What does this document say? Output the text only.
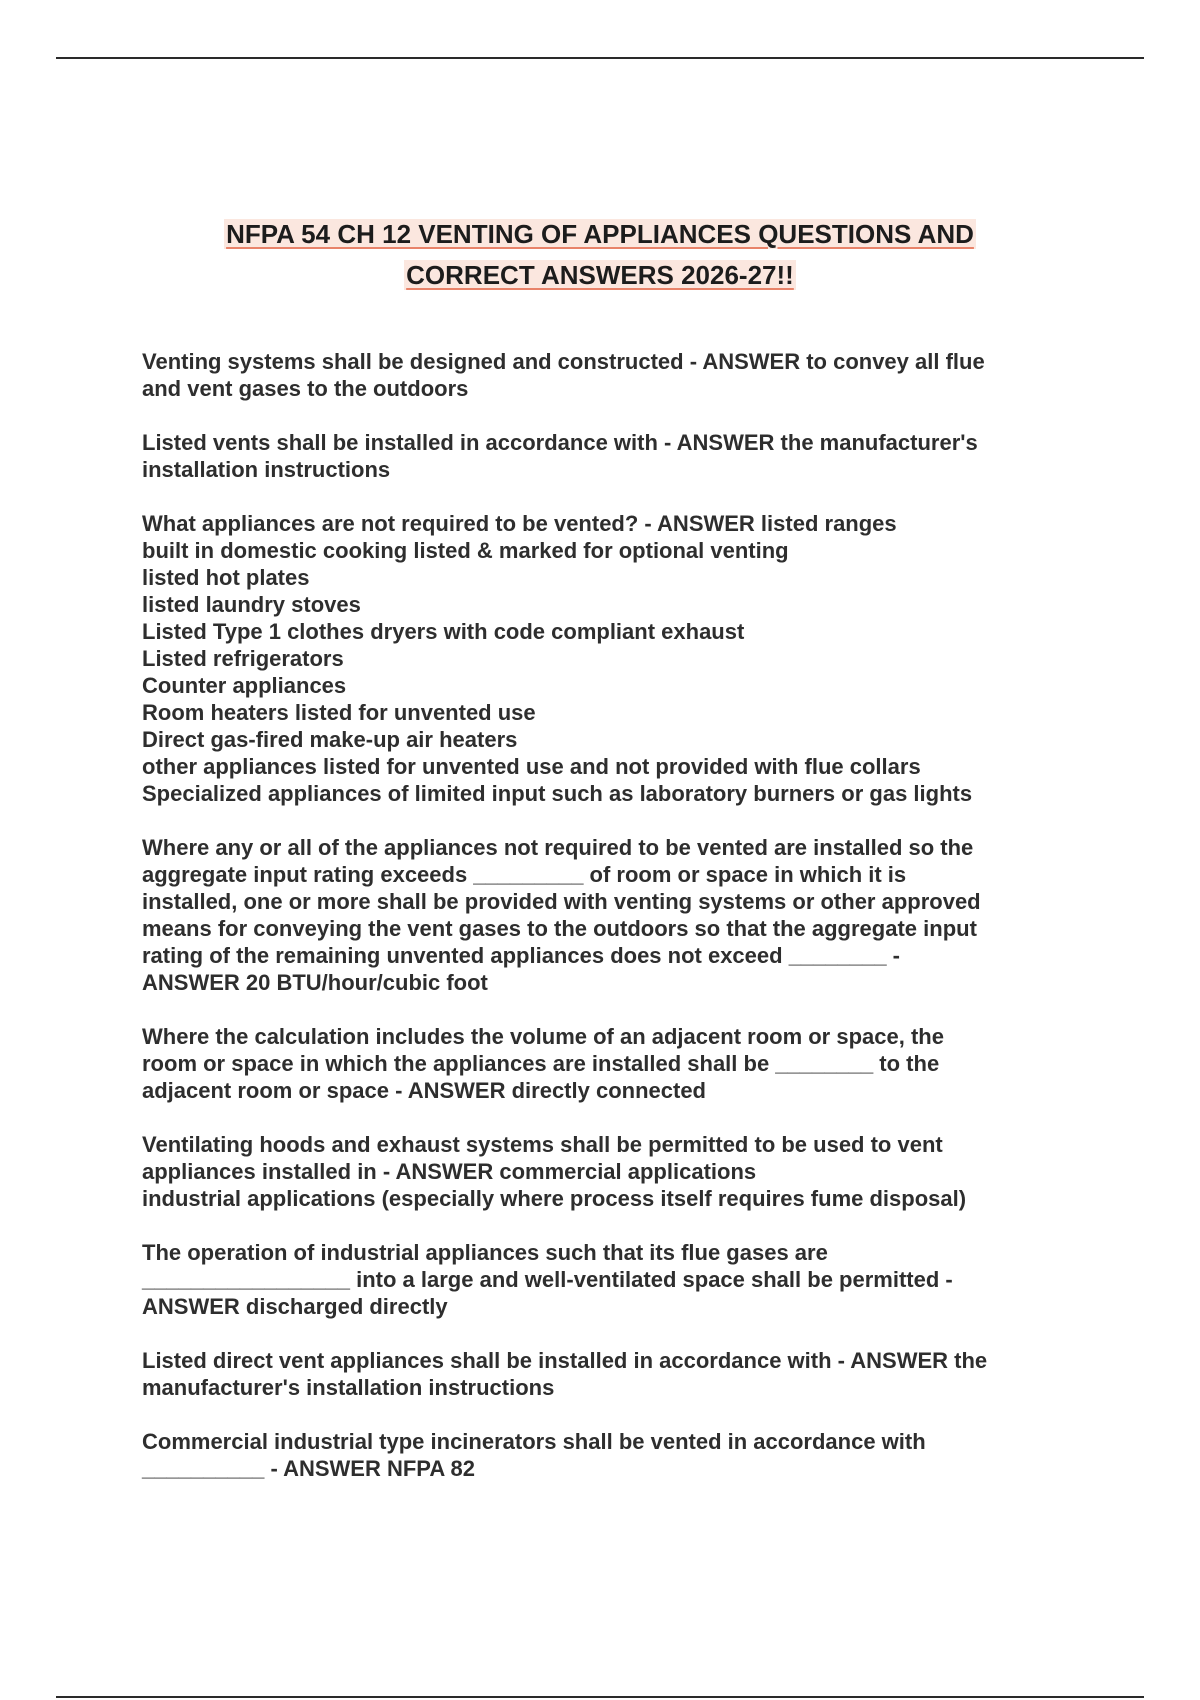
NFPA 54 CH 12 VENTING OF APPLIANCES QUESTIONS AND
CORRECT ANSWERS 2026-27!!

Venting systems shall be designed and constructed - ANSWER to convey all flue
and vent gases to the outdoors

Listed vents shall be installed in accordance with - ANSWER the manufacturer's
installation instructions

What appliances are not required to be vented? - ANSWER listed ranges
built in domestic cooking listed & marked for optional venting
listed hot plates
listed laundry stoves
Listed Type 1 clothes dryers with code compliant exhaust
Listed refrigerators
Counter appliances
Room heaters listed for unvented use
Direct gas-fired make-up air heaters
other appliances listed for unvented use and not provided with flue collars
Specialized appliances of limited input such as laboratory burners or gas lights

Where any or all of the appliances not required to be vented are installed so the
aggregate input rating exceeds _________ of room or space in which it is
installed, one or more shall be provided with venting systems or other approved
means for conveying the vent gases to the outdoors so that the aggregate input
rating of the remaining unvented appliances does not exceed ________ -
ANSWER 20 BTU/hour/cubic foot

Where the calculation includes the volume of an adjacent room or space, the
room or space in which the appliances are installed shall be ________ to the
adjacent room or space - ANSWER directly connected

Ventilating hoods and exhaust systems shall be permitted to be used to vent
appliances installed in - ANSWER commercial applications
industrial applications (especially where process itself requires fume disposal)

The operation of industrial appliances such that its flue gases are
_________________ into a large and well-ventilated space shall be permitted -
ANSWER discharged directly

Listed direct vent appliances shall be installed in accordance with - ANSWER the
manufacturer's installation instructions

Commercial industrial type incinerators shall be vented in accordance with
__________ - ANSWER NFPA 82
